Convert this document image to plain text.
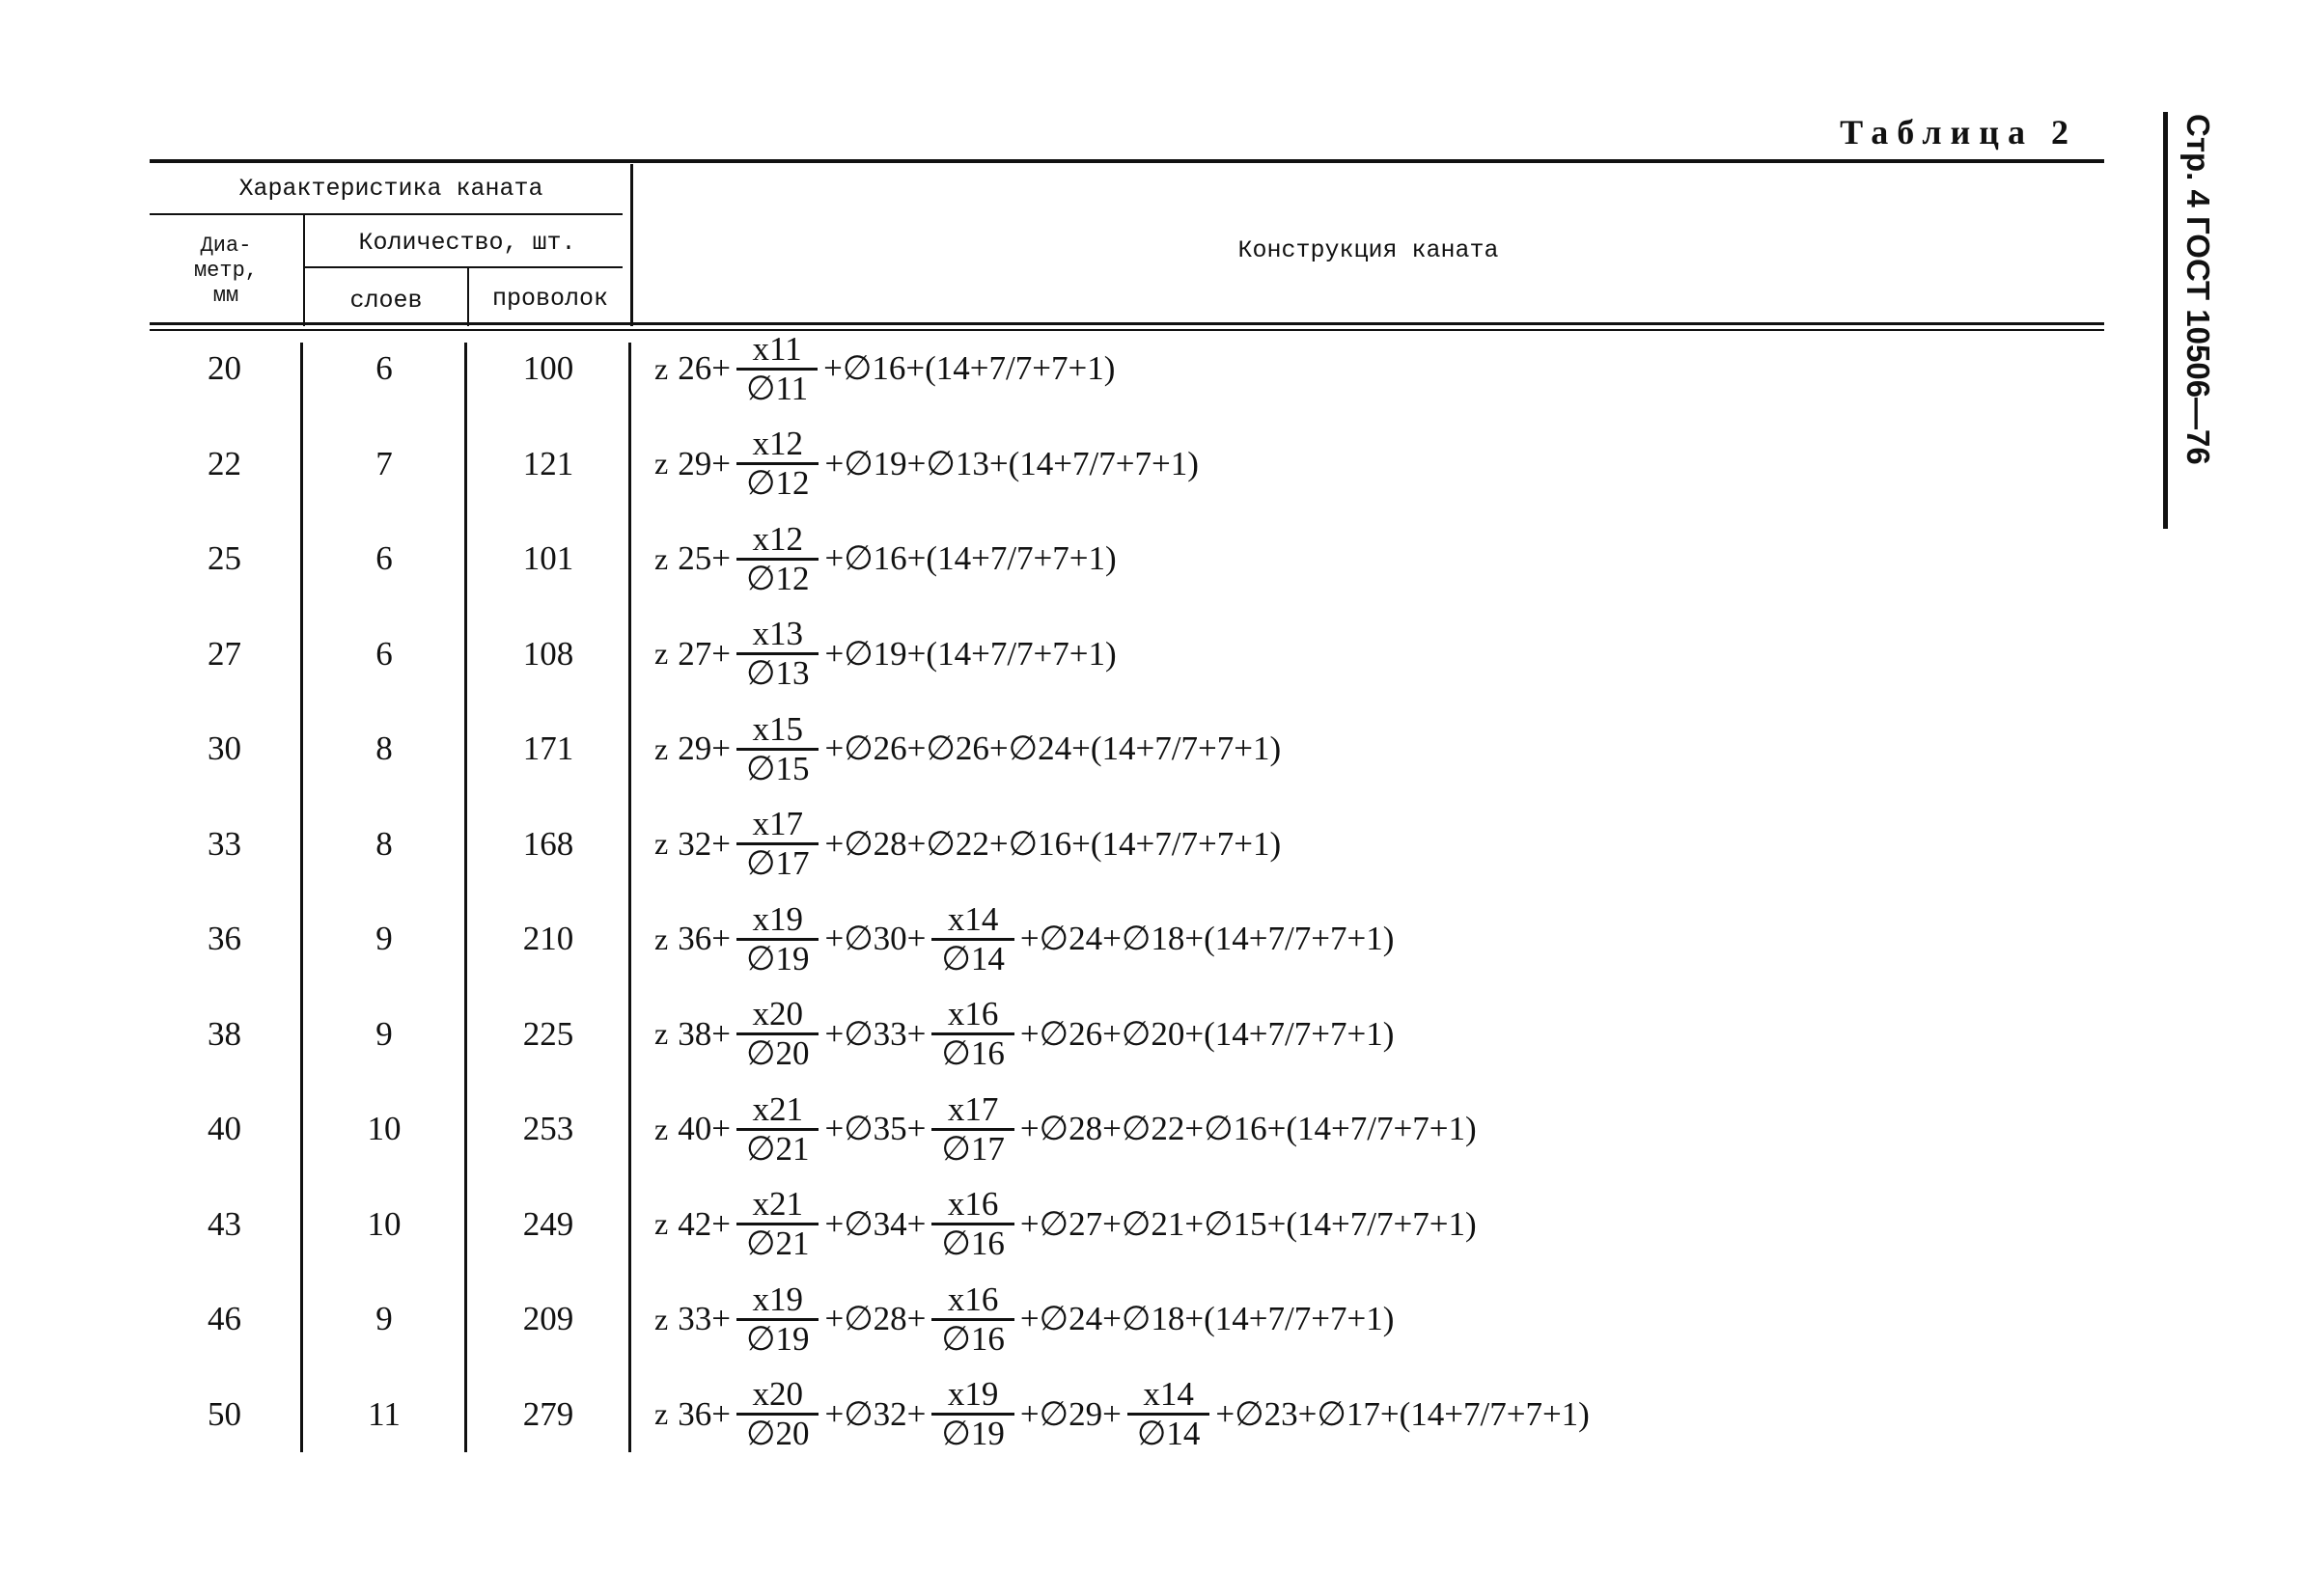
Таблица 2	Стр. 4 ГОСТ 10506—76
Характеристика каната
Диа-
метр,
мм
Количество, шт.
слоев	проволок
Конструкция каната
20	6	100	z $26+ \frac{x11}{\emptyset 11}$ +∅16+(14+7/7+7+1)
22	7	121	z $29+ \frac{x12}{\emptyset 12}$ +∅19+∅13+(14+7/7+7+1)
25	6	101	z $25+ \frac{x12}{\emptyset 12}$ +∅16+(14+7/7+7+1)
27	6	108	z $27+ \frac{x13}{\emptyset 13}$ +∅19+(14+7/7+7+1)
30	8	171	z $29+ \frac{x15}{\emptyset 15}$ +∅26+∅26+∅24+(14+7/7+7+1)
33	8	168	z $32+ \frac{x17}{\emptyset 17}$ +∅28+∅22+∅16+(14+7/7+7+1)
36	9	210	z $36+ \frac{x19}{\emptyset 19}$ +∅30+ $\frac{x14}{\emptyset 14}$ +∅24+∅18+(14+7/7+7+1)
38	9	225	z $38+ \frac{x20}{\emptyset 20}$ +∅33+ $\frac{x16}{\emptyset 16}$ +∅26+∅20+(14+7/7+7+1)
40	10	253	z $40+ \frac{x21}{\emptyset 21}$ +∅35+ $\frac{x17}{\emptyset 17}$ +∅28+∅22+∅16+(14+7/7+7+1)
43	10	249	z $42+ \frac{x21}{\emptyset 21}$ +∅34+ $\frac{x16}{\emptyset 16}$ +∅27+∅21+∅15+(14+7/7+7+1)
46	9	209	z $33+ \frac{x19}{\emptyset 19}$ +∅28+ $\frac{x16}{\emptyset 16}$ +∅24+∅18+(14+7/7+7+1)
50	11	279	z $36+ \frac{x20}{\emptyset 20}$ +∅32+ $\frac{x19}{\emptyset 19}$ +∅29+ $\frac{x14}{\emptyset 14}$ +∅23+∅17+(14+7/7+7+1)
